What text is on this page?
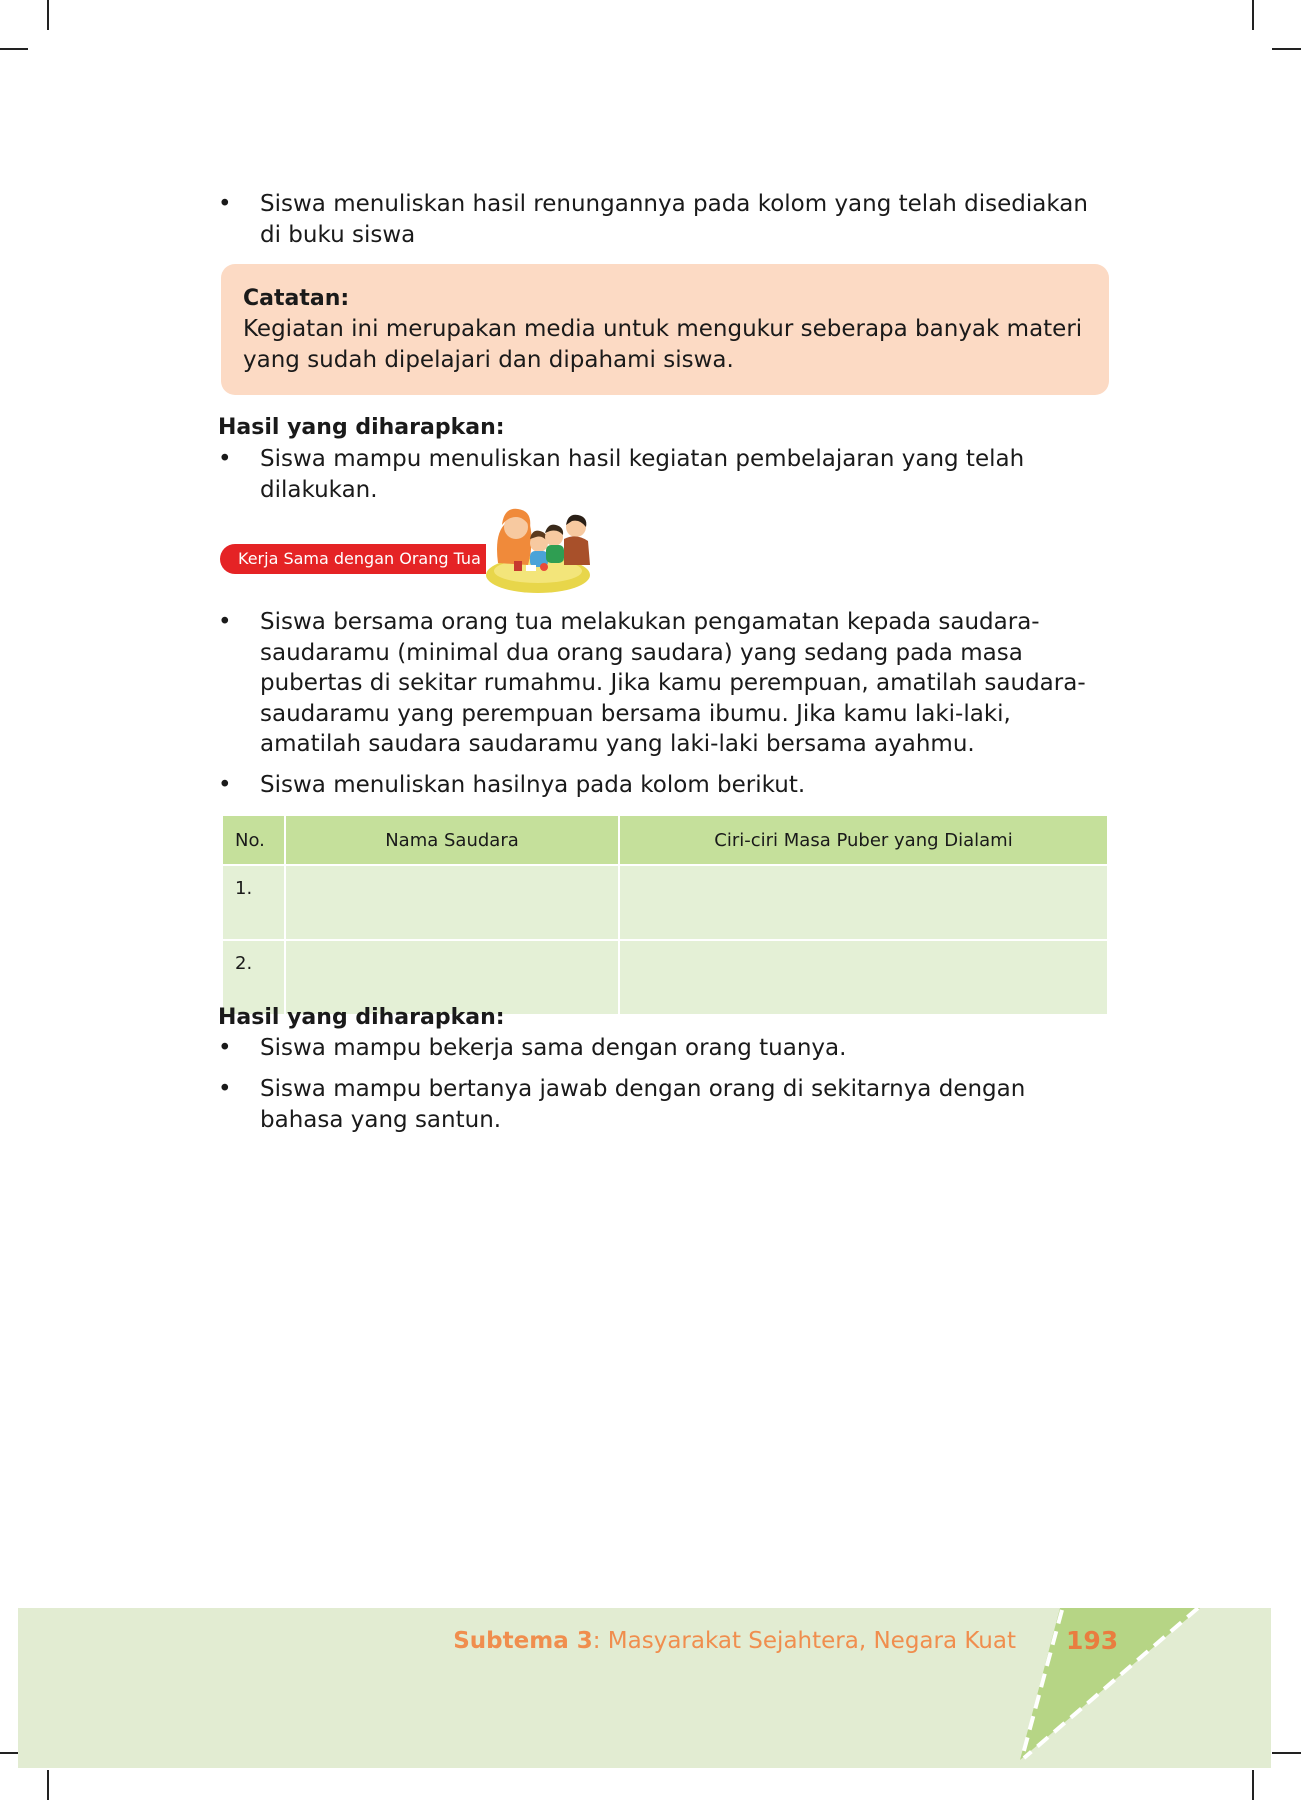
• Siswa menuliskan hasil renungannya pada kolom yang telah disediakan di buku siswa
Catatan:
Kegiatan ini merupakan media untuk mengukur seberapa banyak materi yang sudah dipelajari dan dipahami siswa.
Hasil yang diharapkan:
• Siswa mampu menuliskan hasil kegiatan pembelajaran yang telah dilakukan.
Kerja Sama dengan Orang Tua
• Siswa bersama orang tua melakukan pengamatan kepada saudara-saudaramu (minimal dua orang saudara) yang sedang pada masa pubertas di sekitar rumahmu. Jika kamu perempuan, amatilah saudara-saudaramu yang perempuan bersama ibumu. Jika kamu laki-laki, amatilah saudara saudaramu yang laki-laki bersama ayahmu.
• Siswa menuliskan hasilnya pada kolom berikut.
No.	Nama Saudara	Ciri-ciri Masa Puber yang Dialami
1.		
2.		
Hasil yang diharapkan:
• Siswa mampu bekerja sama dengan orang tuanya.
• Siswa mampu bertanya jawab dengan orang di sekitarnya dengan bahasa yang santun.
Subtema 3: Masyarakat Sejahtera, Negara Kuat 193
